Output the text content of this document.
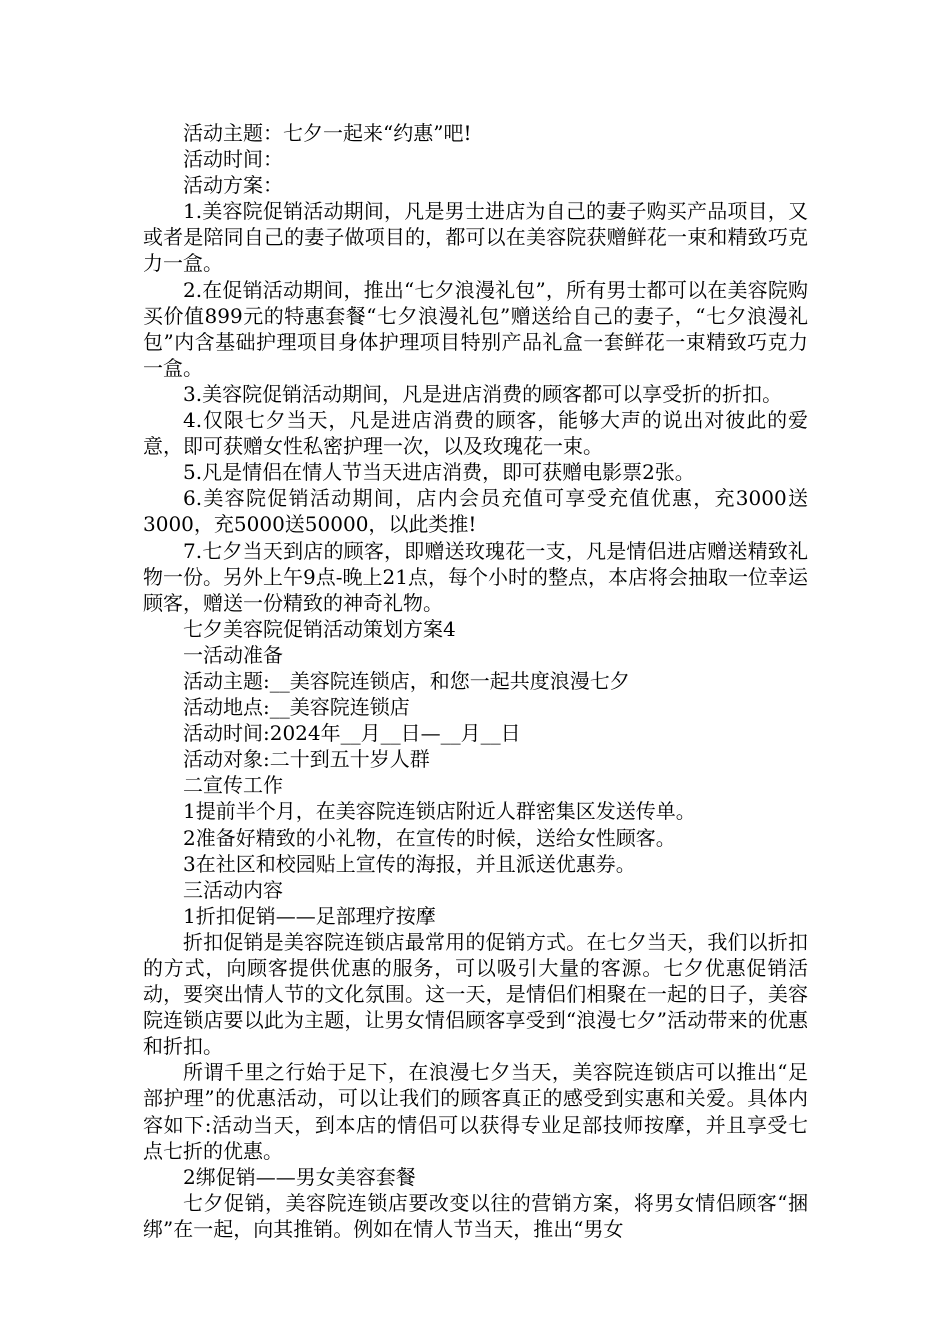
活动主题：七夕一起来“约惠”吧!

活动时间：

活动方案：

1.美容院促销活动期间，凡是男士进店为自己的妻子购买产品项目，又或者是陪同自己的妻子做项目的，都可以在美容院获赠鲜花一束和精致巧克力一盒。

2.在促销活动期间，推出“七夕浪漫礼包”，所有男士都可以在美容院购买价值899元的特惠套餐“七夕浪漫礼包”赠送给自己的妻子，“七夕浪漫礼包”内含基础护理项目身体护理项目特别产品礼盒一套鲜花一束精致巧克力一盒。

3.美容院促销活动期间，凡是进店消费的顾客都可以享受折的折扣。

4.仅限七夕当天，凡是进店消费的顾客，能够大声的说出对彼此的爱意，即可获赠女性私密护理一次，以及玫瑰花一束。

5.凡是情侣在情人节当天进店消费，即可获赠电影票2张。

6.美容院促销活动期间，店内会员充值可享受充值优惠，充3000送3000，充5000送50000，以此类推!

7.七夕当天到店的顾客，即赠送玫瑰花一支，凡是情侣进店赠送精致礼物一份。另外上午9点-晚上21点，每个小时的整点，本店将会抽取一位幸运顾客，赠送一份精致的神奇礼物。

七夕美容院促销活动策划方案4

一活动准备

活动主题:__美容院连锁店，和您一起共度浪漫七夕

活动地点:__美容院连锁店

活动时间:2024年__月__日—__月__日

活动对象:二十到五十岁人群

二宣传工作

1提前半个月，在美容院连锁店附近人群密集区发送传单。

2准备好精致的小礼物，在宣传的时候，送给女性顾客。

3在社区和校园贴上宣传的海报，并且派送优惠券。

三活动内容

1折扣促销——足部理疗按摩

折扣促销是美容院连锁店最常用的促销方式。在七夕当天，我们以折扣的方式，向顾客提供优惠的服务，可以吸引大量的客源。七夕优惠促销活动，要突出情人节的文化氛围。这一天，是情侣们相聚在一起的日子，美容院连锁店要以此为主题，让男女情侣顾客享受到“浪漫七夕”活动带来的优惠和折扣。

所谓千里之行始于足下，在浪漫七夕当天，美容院连锁店可以推出“足部护理”的优惠活动，可以让我们的顾客真正的感受到实惠和关爱。具体内容如下:活动当天，到本店的情侣可以获得专业足部技师按摩，并且享受七点七折的优惠。

2绑促销——男女美容套餐

七夕促销，美容院连锁店要改变以往的营销方案，将男女情侣顾客“捆绑”在一起，向其推销。例如在情人节当天，推出“男女
